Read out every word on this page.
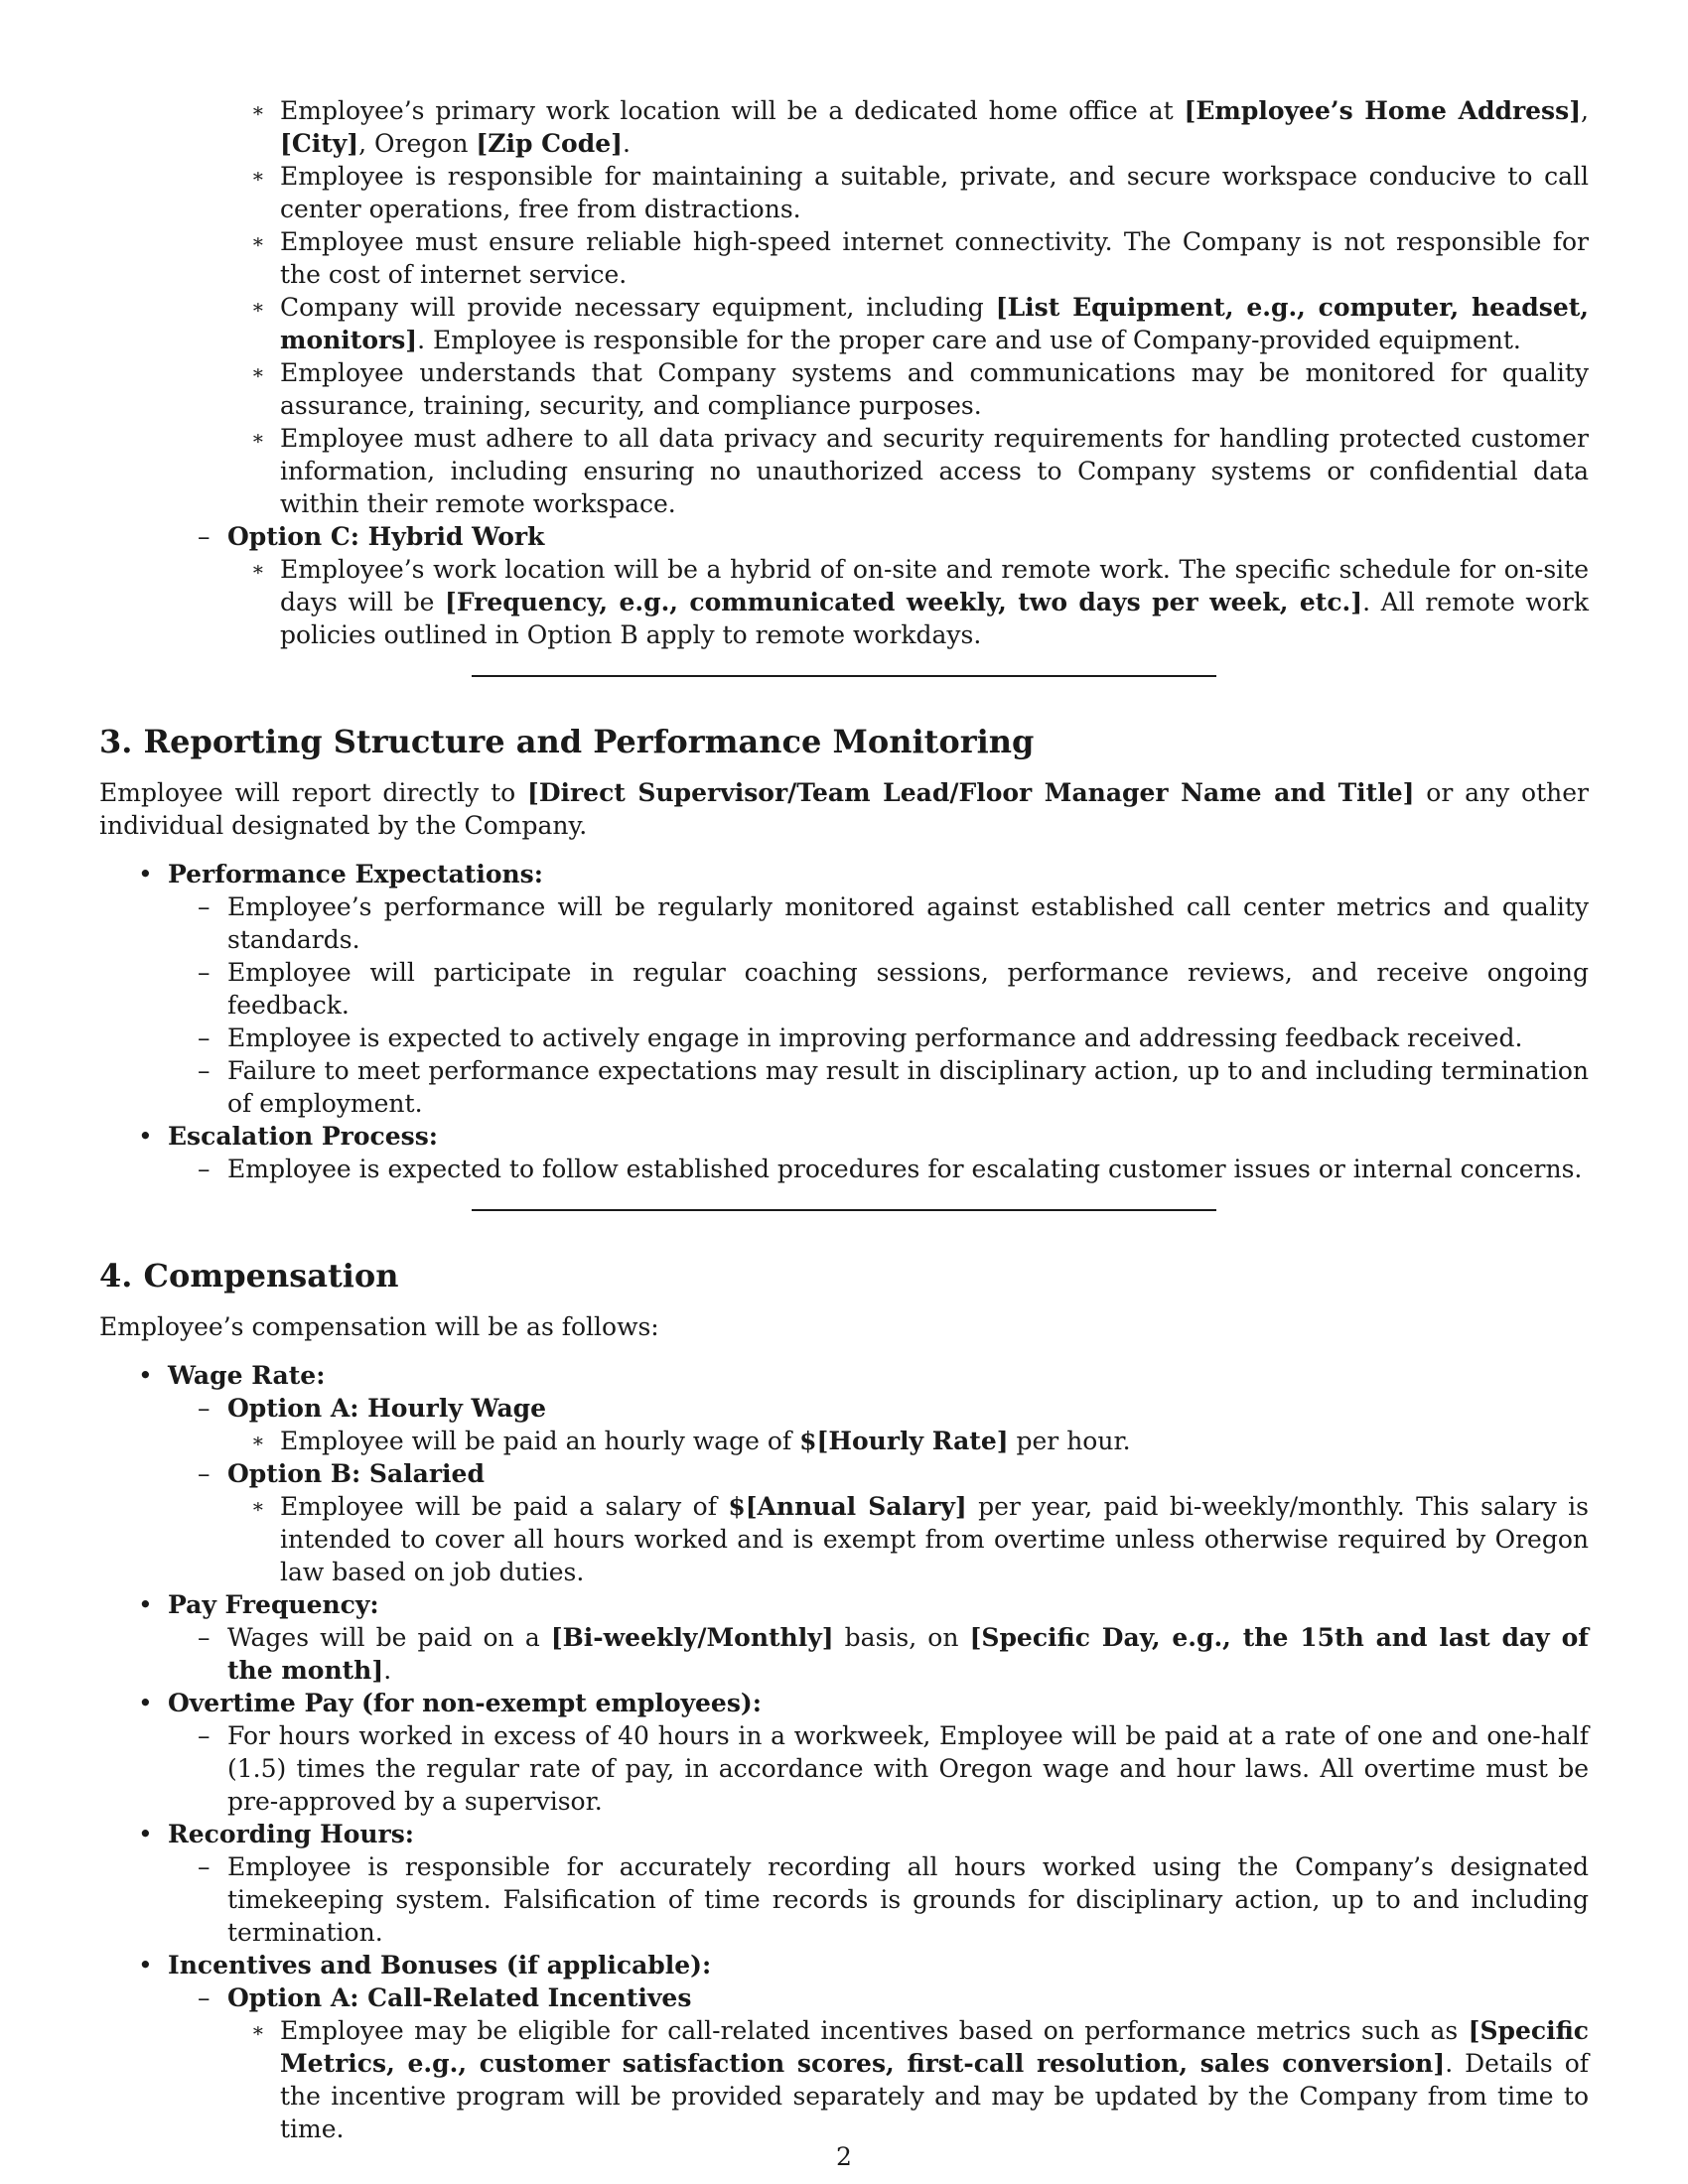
∗ Employee’s primary work location will be a dedicated home office at [Employee’s Home Address], [City], Oregon [Zip Code].
∗ Employee is responsible for maintaining a suitable, private, and secure workspace conducive to call center operations, free from distractions.
∗ Employee must ensure reliable high-speed internet connectivity. The Company is not responsible for the cost of internet service.
∗ Company will provide necessary equipment, including [List Equipment, e.g., computer, headset, monitors]. Employee is responsible for the proper care and use of Company-provided equipment.
∗ Employee understands that Company systems and communications may be monitored for quality assurance, training, security, and compliance purposes.
∗ Employee must adhere to all data privacy and security requirements for handling protected customer information, including ensuring no unauthorized access to Company systems or confidential data within their remote workspace.
– Option C: Hybrid Work
∗ Employee’s work location will be a hybrid of on-site and remote work. The specific schedule for on-site days will be [Frequency, e.g., communicated weekly, two days per week, etc.]. All remote work policies outlined in Option B apply to remote workdays.
3. Reporting Structure and Performance Monitoring

Employee will report directly to [Direct Supervisor/Team Lead/Floor Manager Name and Title] or any other individual designated by the Company.

• Performance Expectations:
– Employee’s performance will be regularly monitored against established call center metrics and quality standards.
– Employee will participate in regular coaching sessions, performance reviews, and receive ongoing feedback.
– Employee is expected to actively engage in improving performance and addressing feedback received.
– Failure to meet performance expectations may result in disciplinary action, up to and including termination of employment.
• Escalation Process:
– Employee is expected to follow established procedures for escalating customer issues or internal concerns.
4. Compensation

Employee’s compensation will be as follows:

• Wage Rate:
– Option A: Hourly Wage
∗ Employee will be paid an hourly wage of $[Hourly Rate] per hour.
– Option B: Salaried
∗ Employee will be paid a salary of $[Annual Salary] per year, paid bi-weekly/monthly. This salary is intended to cover all hours worked and is exempt from overtime unless otherwise required by Oregon law based on job duties.
• Pay Frequency:
– Wages will be paid on a [Bi-weekly/Monthly] basis, on [Specific Day, e.g., the 15th and last day of the month].
• Overtime Pay (for non-exempt employees):
– For hours worked in excess of 40 hours in a workweek, Employee will be paid at a rate of one and one-half (1.5) times the regular rate of pay, in accordance with Oregon wage and hour laws. All overtime must be pre-approved by a supervisor.
• Recording Hours:
– Employee is responsible for accurately recording all hours worked using the Company’s designated timekeeping system. Falsification of time records is grounds for disciplinary action, up to and including termination.
• Incentives and Bonuses (if applicable):
– Option A: Call-Related Incentives
∗ Employee may be eligible for call-related incentives based on performance metrics such as [Specific Metrics, e.g., customer satisfaction scores, first-call resolution, sales conversion]. Details of the incentive program will be provided separately and may be updated by the Company from time to time.
2
